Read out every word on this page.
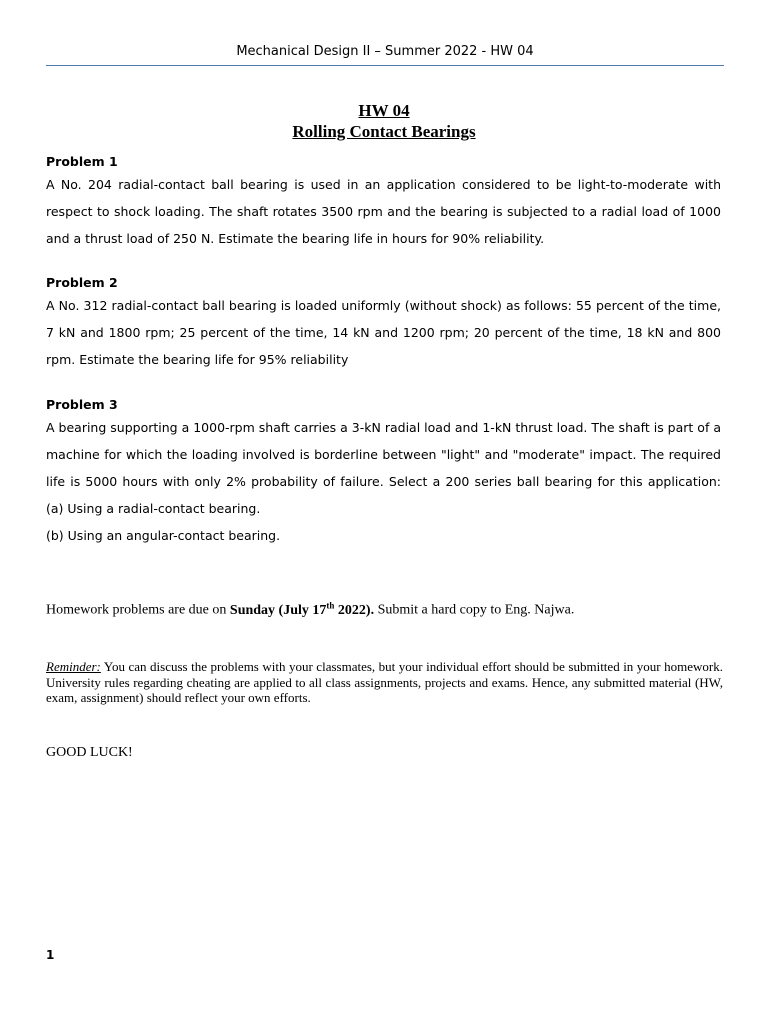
Mechanical Design II – Summer 2022 - HW 04
HW 04
Rolling Contact Bearings
Problem 1
A No. 204 radial-contact ball bearing is used in an application considered to be light-to-moderate with
respect to shock loading. The shaft rotates 3500 rpm and the bearing is subjected to a radial load of 1000
and a thrust load of 250 N. Estimate the bearing life in hours for 90% reliability.
Problem 2
A No. 312 radial-contact ball bearing is loaded uniformly (without shock) as follows: 55 percent of the time,
7 kN and 1800 rpm; 25 percent of the time, 14 kN and 1200 rpm; 20 percent of the time, 18 kN and 800
rpm. Estimate the bearing life for 95% reliability
Problem 3
A bearing supporting a 1000-rpm shaft carries a 3-kN radial load and 1-kN thrust load. The shaft is part of a
machine for which the loading involved is borderline between "light" and "moderate" impact. The required
life is 5000 hours with only 2% probability of failure. Select a 200 series ball bearing for this application:
(a) Using a radial-contact bearing.
(b) Using an angular-contact bearing.
Homework problems are due on Sunday (July 17th 2022). Submit a hard copy to Eng. Najwa.
Reminder: You can discuss the problems with your classmates, but your individual effort should be submitted in your homework. University rules regarding cheating are applied to all class assignments, projects and exams. Hence, any submitted material (HW, exam, assignment) should reflect your own efforts.
GOOD LUCK!
1
